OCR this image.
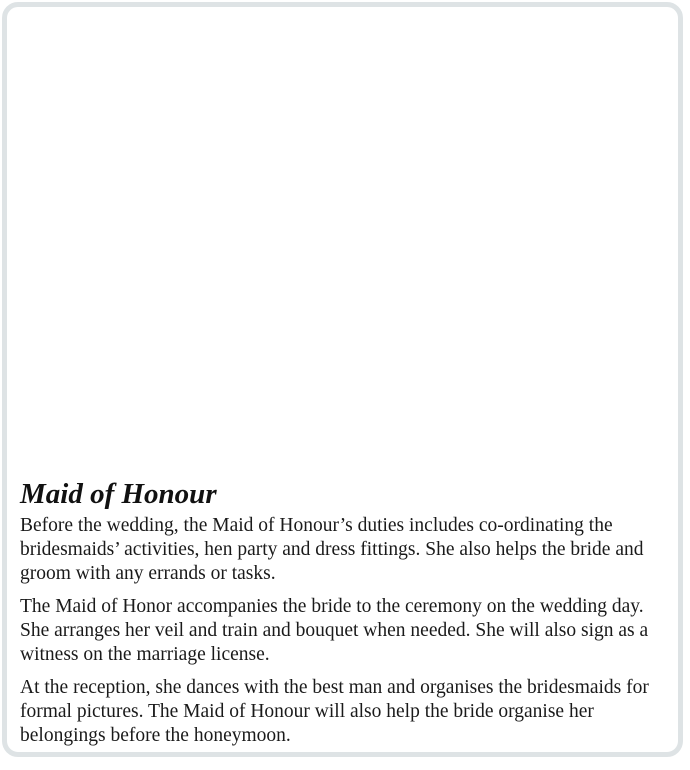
Maid of Honour

Before the wedding, the Maid of Honour’s duties includes co-ordinating the bridesmaids’ activities, hen party and dress fittings. She also helps the bride and groom with any errands or tasks.

The Maid of Honor accompanies the bride to the ceremony on the wedding day. She arranges her veil and train and bouquet when needed. She will also sign as a witness on the marriage license.

At the reception, she dances with the best man and organises the bridesmaids for formal pictures. The Maid of Honour will also help the bride organise her belongings before the honeymoon.
